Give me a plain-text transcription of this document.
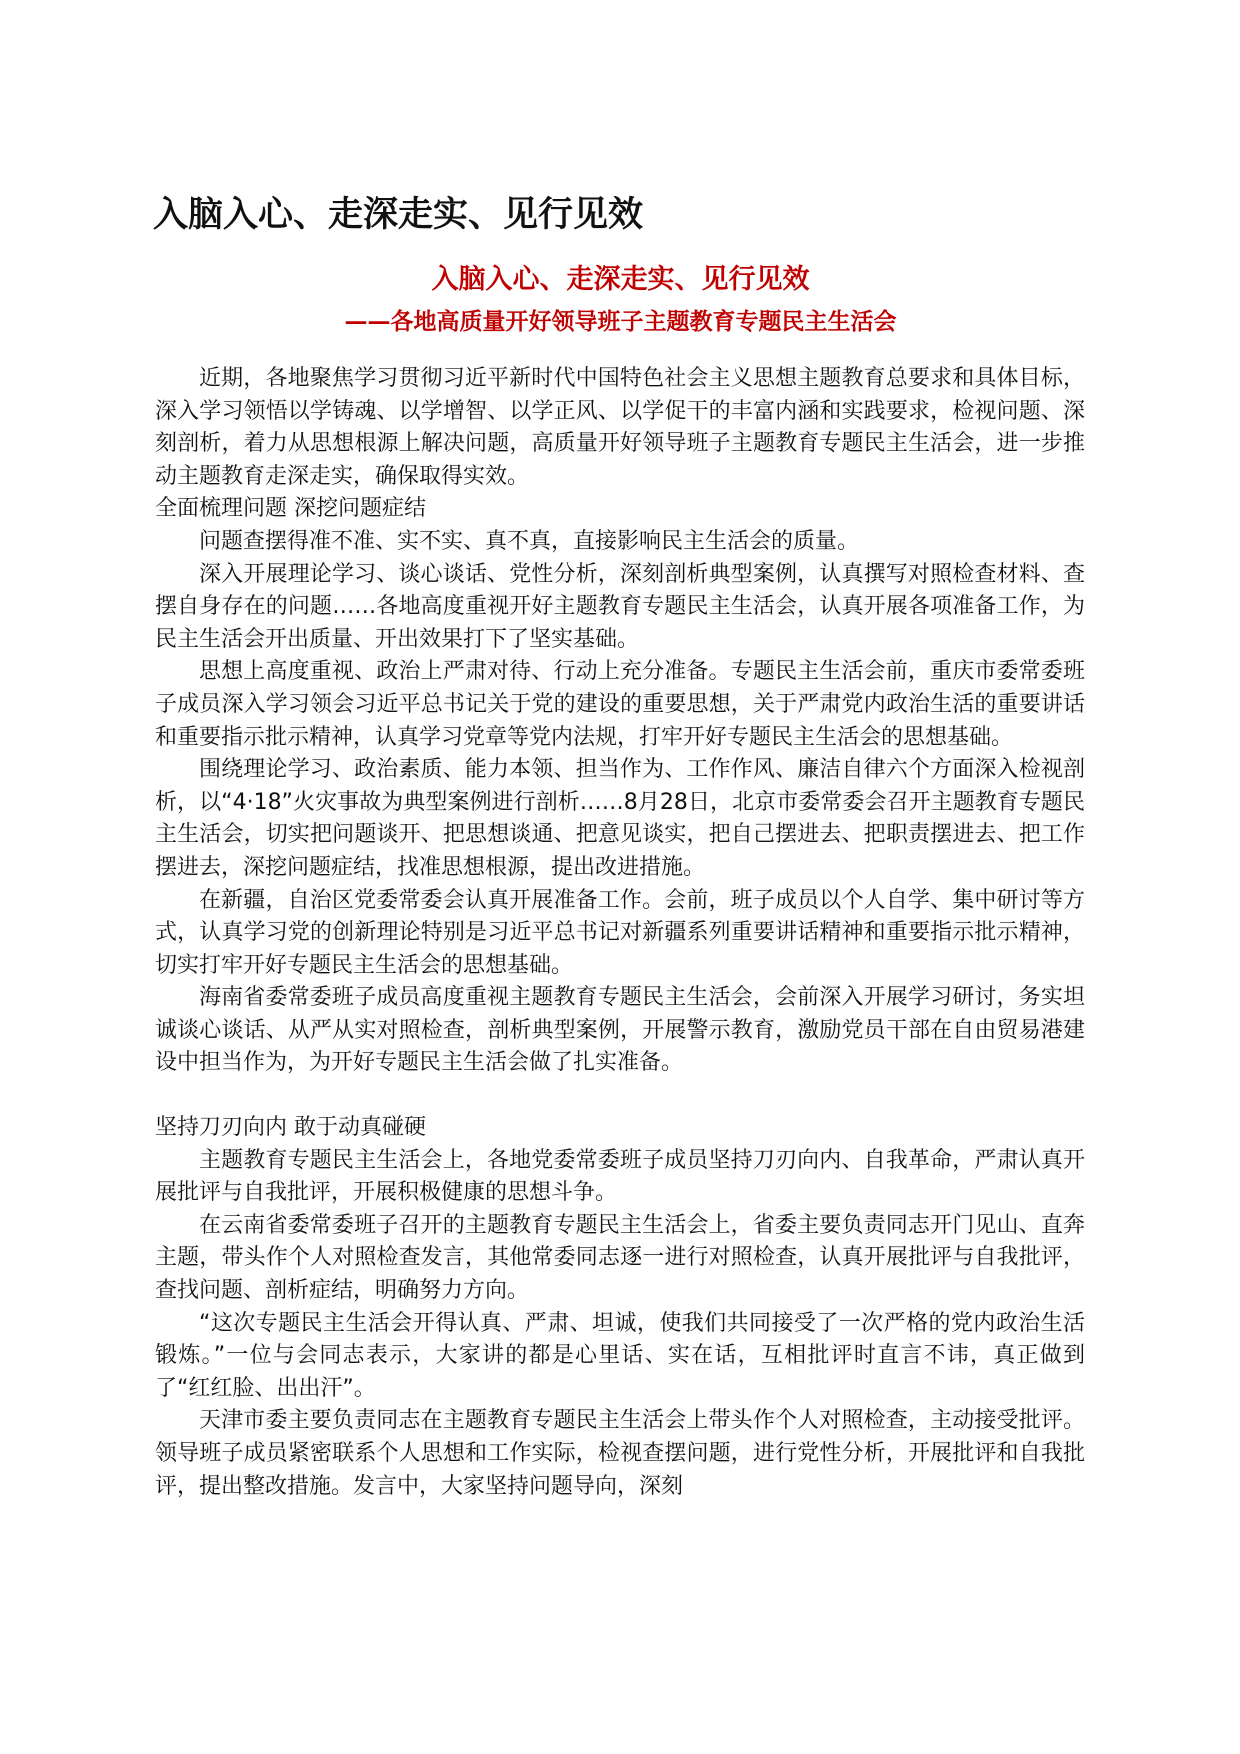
入脑入心、走深走实、见行见效
入脑入心、走深走实、见行见效
——各地高质量开好领导班子主题教育专题民主生活会

近期，各地聚焦学习贯彻习近平新时代中国特色社会主义思想主题教育总要求和具体目标，深入学习领悟以学铸魂、以学增智、以学正风、以学促干的丰富内涵和实践要求，检视问题、深刻剖析，着力从思想根源上解决问题，高质量开好领导班子主题教育专题民主生活会，进一步推动主题教育走深走实，确保取得实效。

全面梳理问题 深挖问题症结

问题查摆得准不准、实不实、真不真，直接影响民主生活会的质量。

深入开展理论学习、谈心谈话、党性分析，深刻剖析典型案例，认真撰写对照检查材料、查摆自身存在的问题……各地高度重视开好主题教育专题民主生活会，认真开展各项准备工作，为民主生活会开出质量、开出效果打下了坚实基础。

思想上高度重视、政治上严肃对待、行动上充分准备。专题民主生活会前，重庆市委常委班子成员深入学习领会习近平总书记关于党的建设的重要思想，关于严肃党内政治生活的重要讲话和重要指示批示精神，认真学习党章等党内法规，打牢开好专题民主生活会的思想基础。

围绕理论学习、政治素质、能力本领、担当作为、工作作风、廉洁自律六个方面深入检视剖析，以“4·18”火灾事故为典型案例进行剖析……8月28日，北京市委常委会召开主题教育专题民主生活会，切实把问题谈开、把思想谈通、把意见谈实，把自己摆进去、把职责摆进去、把工作摆进去，深挖问题症结，找准思想根源，提出改进措施。

在新疆，自治区党委常委会认真开展准备工作。会前，班子成员以个人自学、集中研讨等方式，认真学习党的创新理论特别是习近平总书记对新疆系列重要讲话精神和重要指示批示精神，切实打牢开好专题民主生活会的思想基础。

海南省委常委班子成员高度重视主题教育专题民主生活会，会前深入开展学习研讨，务实坦诚谈心谈话、从严从实对照检查，剖析典型案例，开展警示教育，激励党员干部在自由贸易港建设中担当作为，为开好专题民主生活会做了扎实准备。

坚持刀刃向内 敢于动真碰硬

主题教育专题民主生活会上，各地党委常委班子成员坚持刀刃向内、自我革命，严肃认真开展批评与自我批评，开展积极健康的思想斗争。

在云南省委常委班子召开的主题教育专题民主生活会上，省委主要负责同志开门见山、直奔主题，带头作个人对照检查发言，其他常委同志逐一进行对照检查，认真开展批评与自我批评，查找问题、剖析症结，明确努力方向。

“这次专题民主生活会开得认真、严肃、坦诚，使我们共同接受了一次严格的党内政治生活锻炼。”一位与会同志表示，大家讲的都是心里话、实在话，互相批评时直言不讳，真正做到了“红红脸、出出汗”。

天津市委主要负责同志在主题教育专题民主生活会上带头作个人对照检查，主动接受批评。领导班子成员紧密联系个人思想和工作实际，检视查摆问题，进行党性分析，开展批评和自我批评，提出整改措施。发言中，大家坚持问题导向，深刻
